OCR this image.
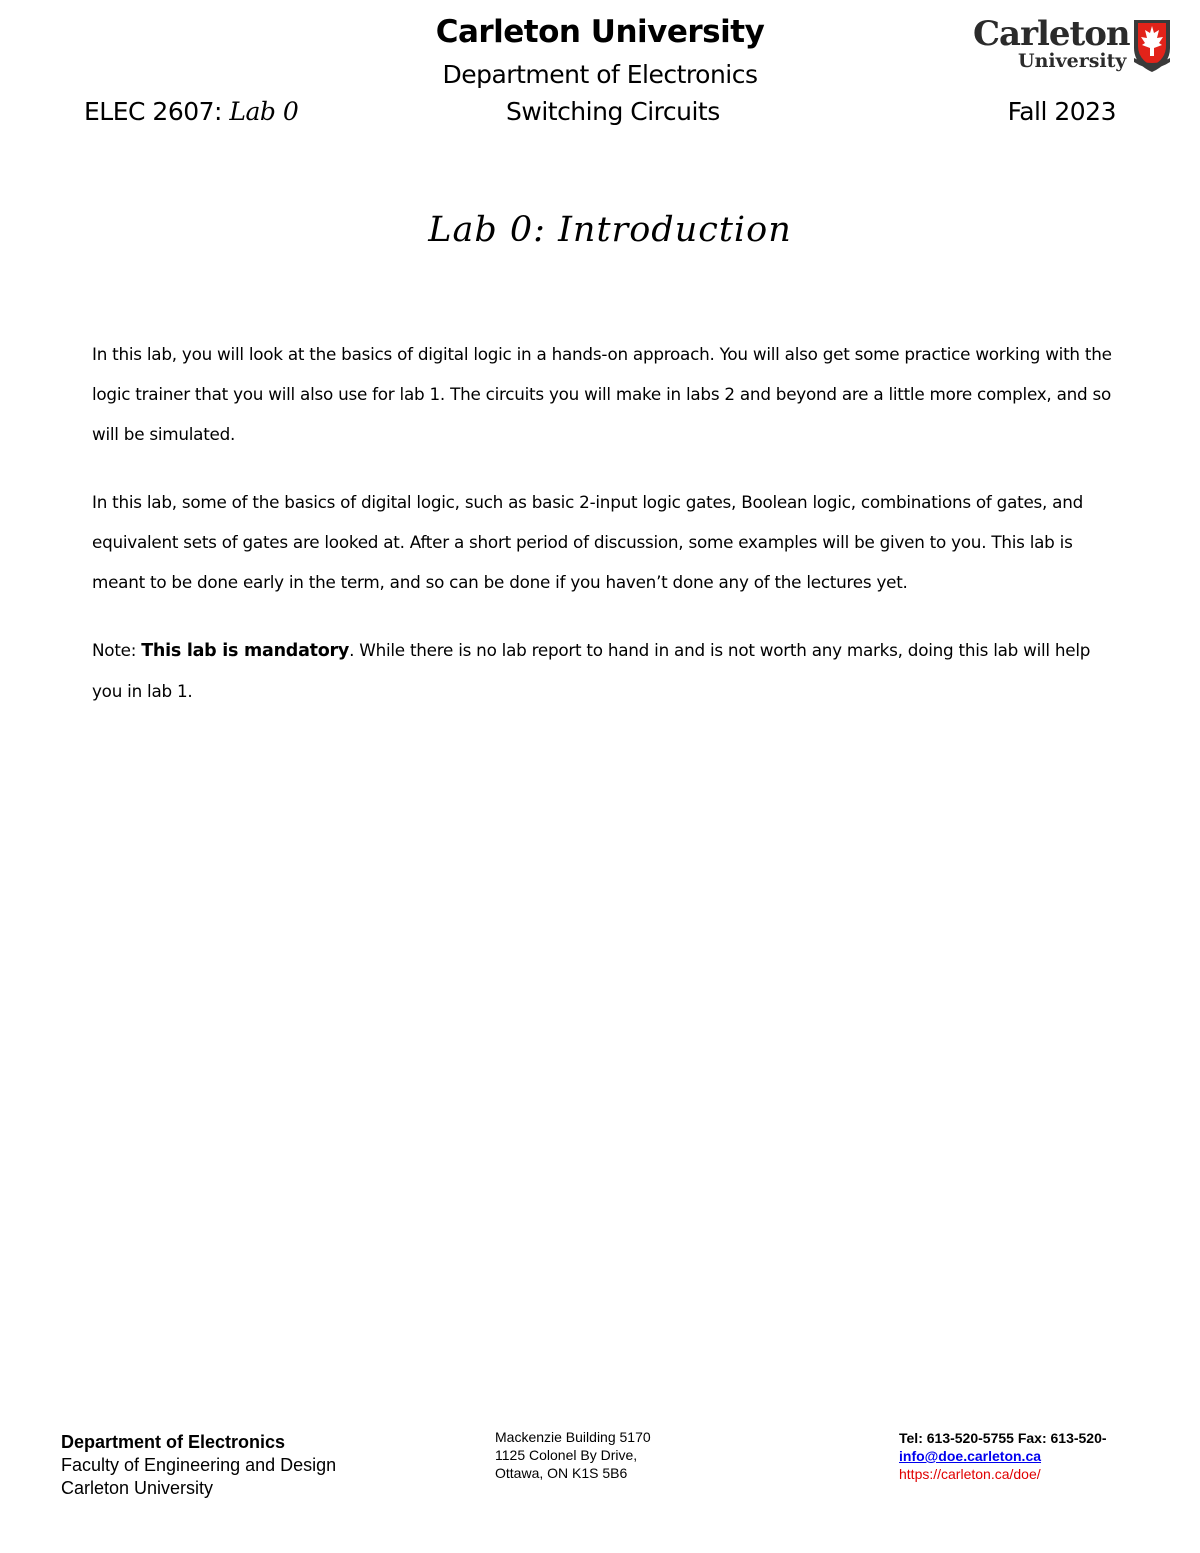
Carleton University
Department of Electronics
ELEC 2607: Lab 0	Switching Circuits	Fall 2023
Carleton
University
Lab 0: Introduction

In this lab, you will look at the basics of digital logic in a hands-on approach. You will also get some practice working with the logic trainer that you will also use for lab 1. The circuits you will make in labs 2 and beyond are a little more complex, and so will be simulated.

In this lab, some of the basics of digital logic, such as basic 2-input logic gates, Boolean logic, combinations of gates, and equivalent sets of gates are looked at. After a short period of discussion, some examples will be given to you. This lab is meant to be done early in the term, and so can be done if you haven’t done any of the lectures yet.

Note: This lab is mandatory. While there is no lab report to hand in and is not worth any marks, doing this lab will help you in lab 1.

Department of Electronics
Faculty of Engineering and Design
Carleton University
Mackenzie Building 5170
1125 Colonel By Drive,
Ottawa, ON K1S 5B6
Tel: 613-520-5755 Fax: 613-520-
info@doe.carleton.ca
https://carleton.ca/doe/
